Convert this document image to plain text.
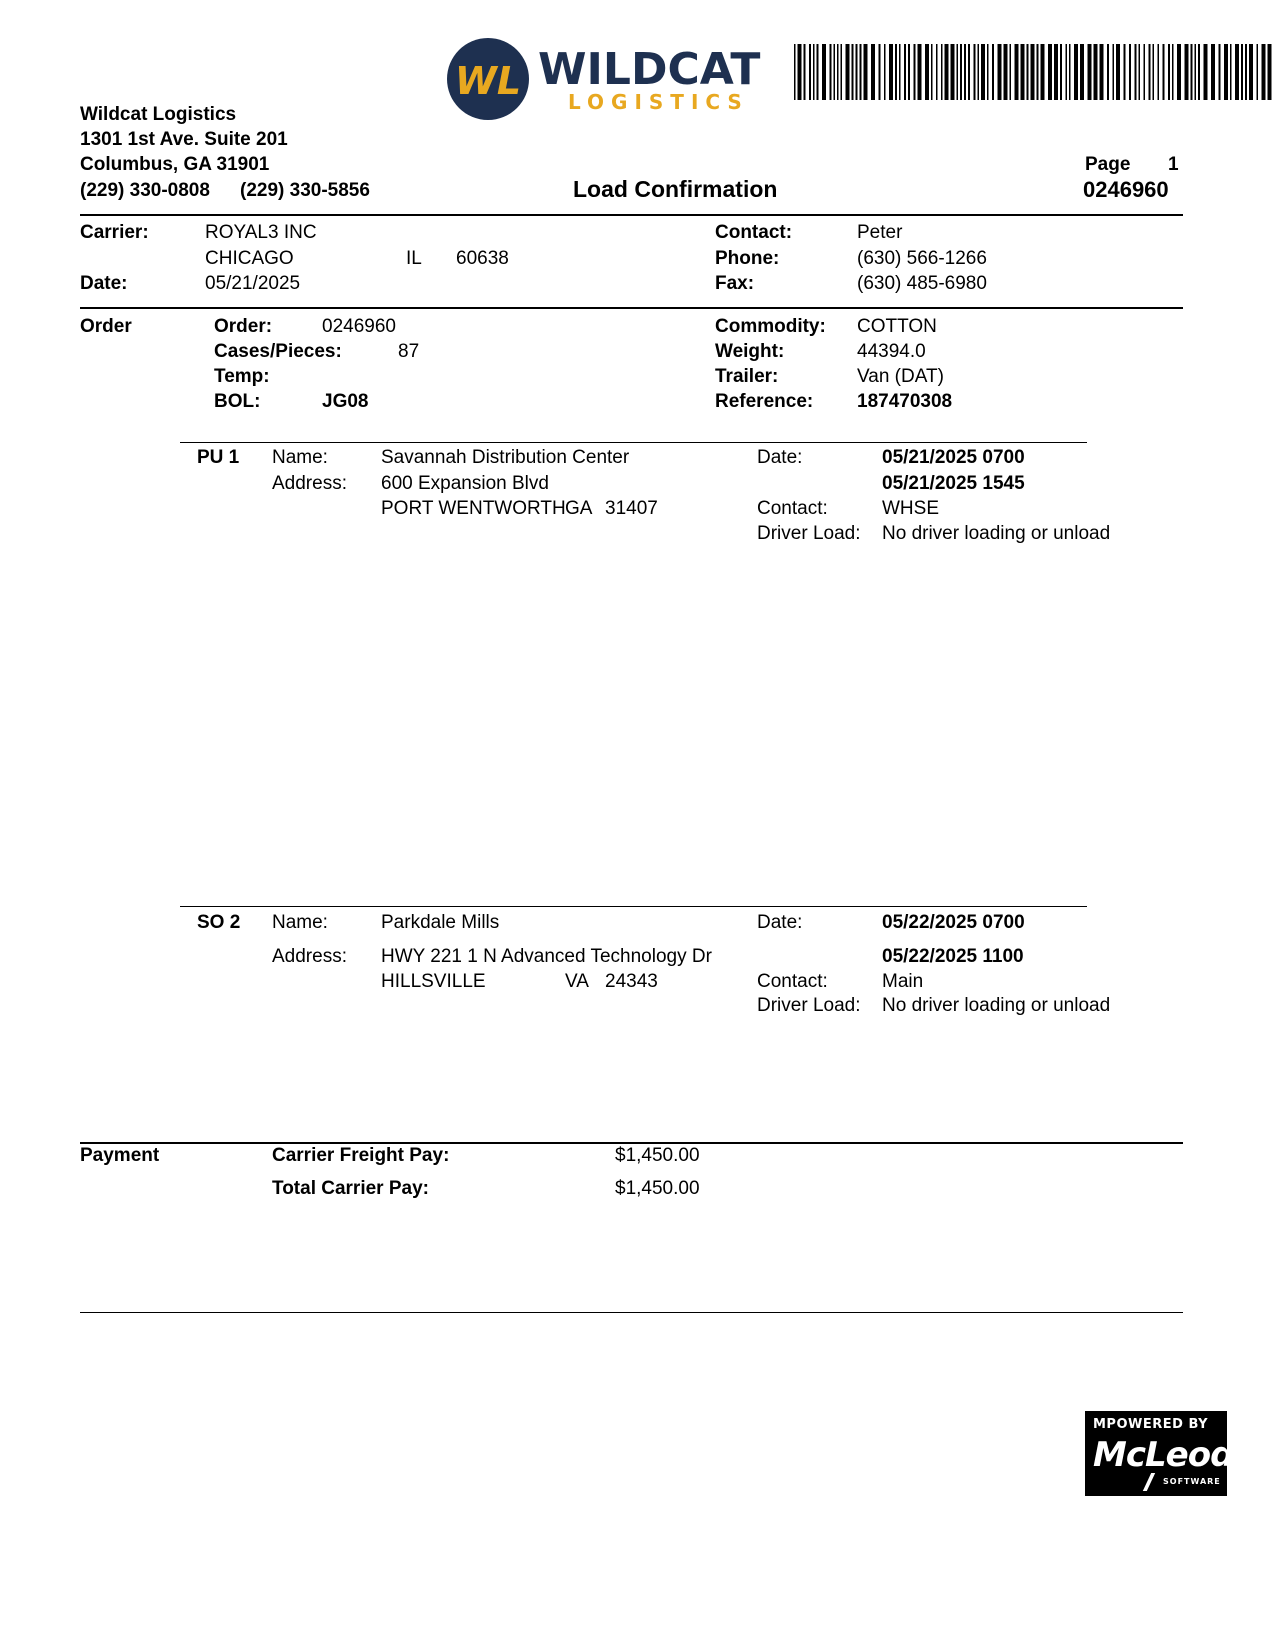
WL WILDCAT
LOGISTICS
Wildcat Logistics
1301 1st Ave. Suite 201
Columbus, GA 31901
(229) 330-0808 (229) 330-5856	Load Confirmation
Page 1
0246960
Carrier:	ROYAL3 INC
CHICAGO	IL 60638
Date:	05/21/2025
Contact:	Peter
Phone:	(630) 566-1266
Fax:	(630) 485-6980
Order	Order:	0246960
Cases/Pieces:	87
Temp:
BOL:	JG08
Commodity: COTTON
Weight:	44394.0
Trailer:	Van (DAT)
Reference: 187470308
PU 1 Name:	Savannah Distribution Center
Address: 600 Expansion Blvd
PORT WENTWORTH GA 31407
Date:	05/21/2025 0700
05/21/2025 1545
Contact:	WHSE
Driver Load: No driver loading or unload
SO 2 Name:	Parkdale Mills
Address: HWY 221 1 N Advanced Technology Dr
HILLSVILLE	VA 24343
Date:	05/22/2025 0700
05/22/2025 1100
Contact:	Main
Driver Load: No driver loading or unload
Payment	Carrier Freight Pay:	$1,450.00
Total Carrier Pay:	$1,450.00
MPOWERED BY
McLeod
SOFTWARE
